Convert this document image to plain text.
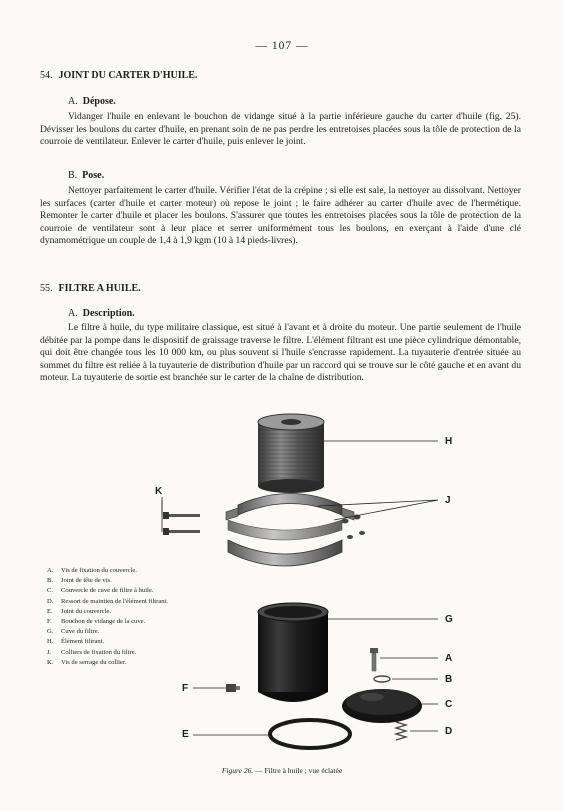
— 107 —
54. JOINT DU CARTER D'HUILE.
A. Dépose.

Vidanger l'huile en enlevant le bouchon de vidange situé à la partie inférieure gauche du carter d'huile (fig. 25). Dévisser les boulons du carter d'huile, en prenant soin de ne pas perdre les entretoises placées sous la tôle de protection de la courroie de ventilateur. Enlever le carter d'huile, puis enlever le joint.

B. Pose.

Nettoyer parfaitement le carter d'huile. Vérifier l'état de la crépine ; si elle est sale, la nettoyer au dissolvant. Nettoyer les surfaces (carter d'huile et carter moteur) où repose le joint ; le faire adhérer au carter d'huile avec de l'hermétique. Remonter le carter d'huile et placer les boulons. S'assurer que toutes les entretoises placées sous la tôle de protection de la courroie de ventilateur sont à leur place et serrer uniformément tous les boulons, en exerçant à l'aide d'une clé dynamométrique un couple de 1,4 à 1,9 kgm (10 à 14 pieds-livres).

55. FILTRE A HUILE.
A. Description.

Le filtre à huile, du type militaire classique, est situé à l'avant et à droite du moteur. Une partie seulement de l'huile débitée par la pompe dans le dispositif de graissage traverse le filtre. L'élément filtrant est une pièce cylindrique démontable, qui doit être changée tous les 10 000 km, ou plus souvent si l'huile s'encrasse rapidement. La tuyauterie d'entrée située au sommet du filtre est reliée à la tuyauterie de distribution d'huile par un raccord qui se trouve sur le côté gauche et en avant du moteur. La tuyauterie de sortie est branchée sur le carter de la chaîne de distribution.

H
J
K
G
A
B
C
D
F
E
A. Vis de fixation du couvercle.
B. Joint de tête de vis.
C. Couvercle de cuve de filtre à huile.
D. Ressort de maintien de l'élément filtrant.
E. Joint du couvercle.
F. Bouchon de vidange de la cuve.
G. Cuve du filtre.
H. Élément filtrant.
J. Colliers de fixation du filtre.
K. Vis de serrage du collier.
Figure 26. — Filtre à huile ; vue éclatée
